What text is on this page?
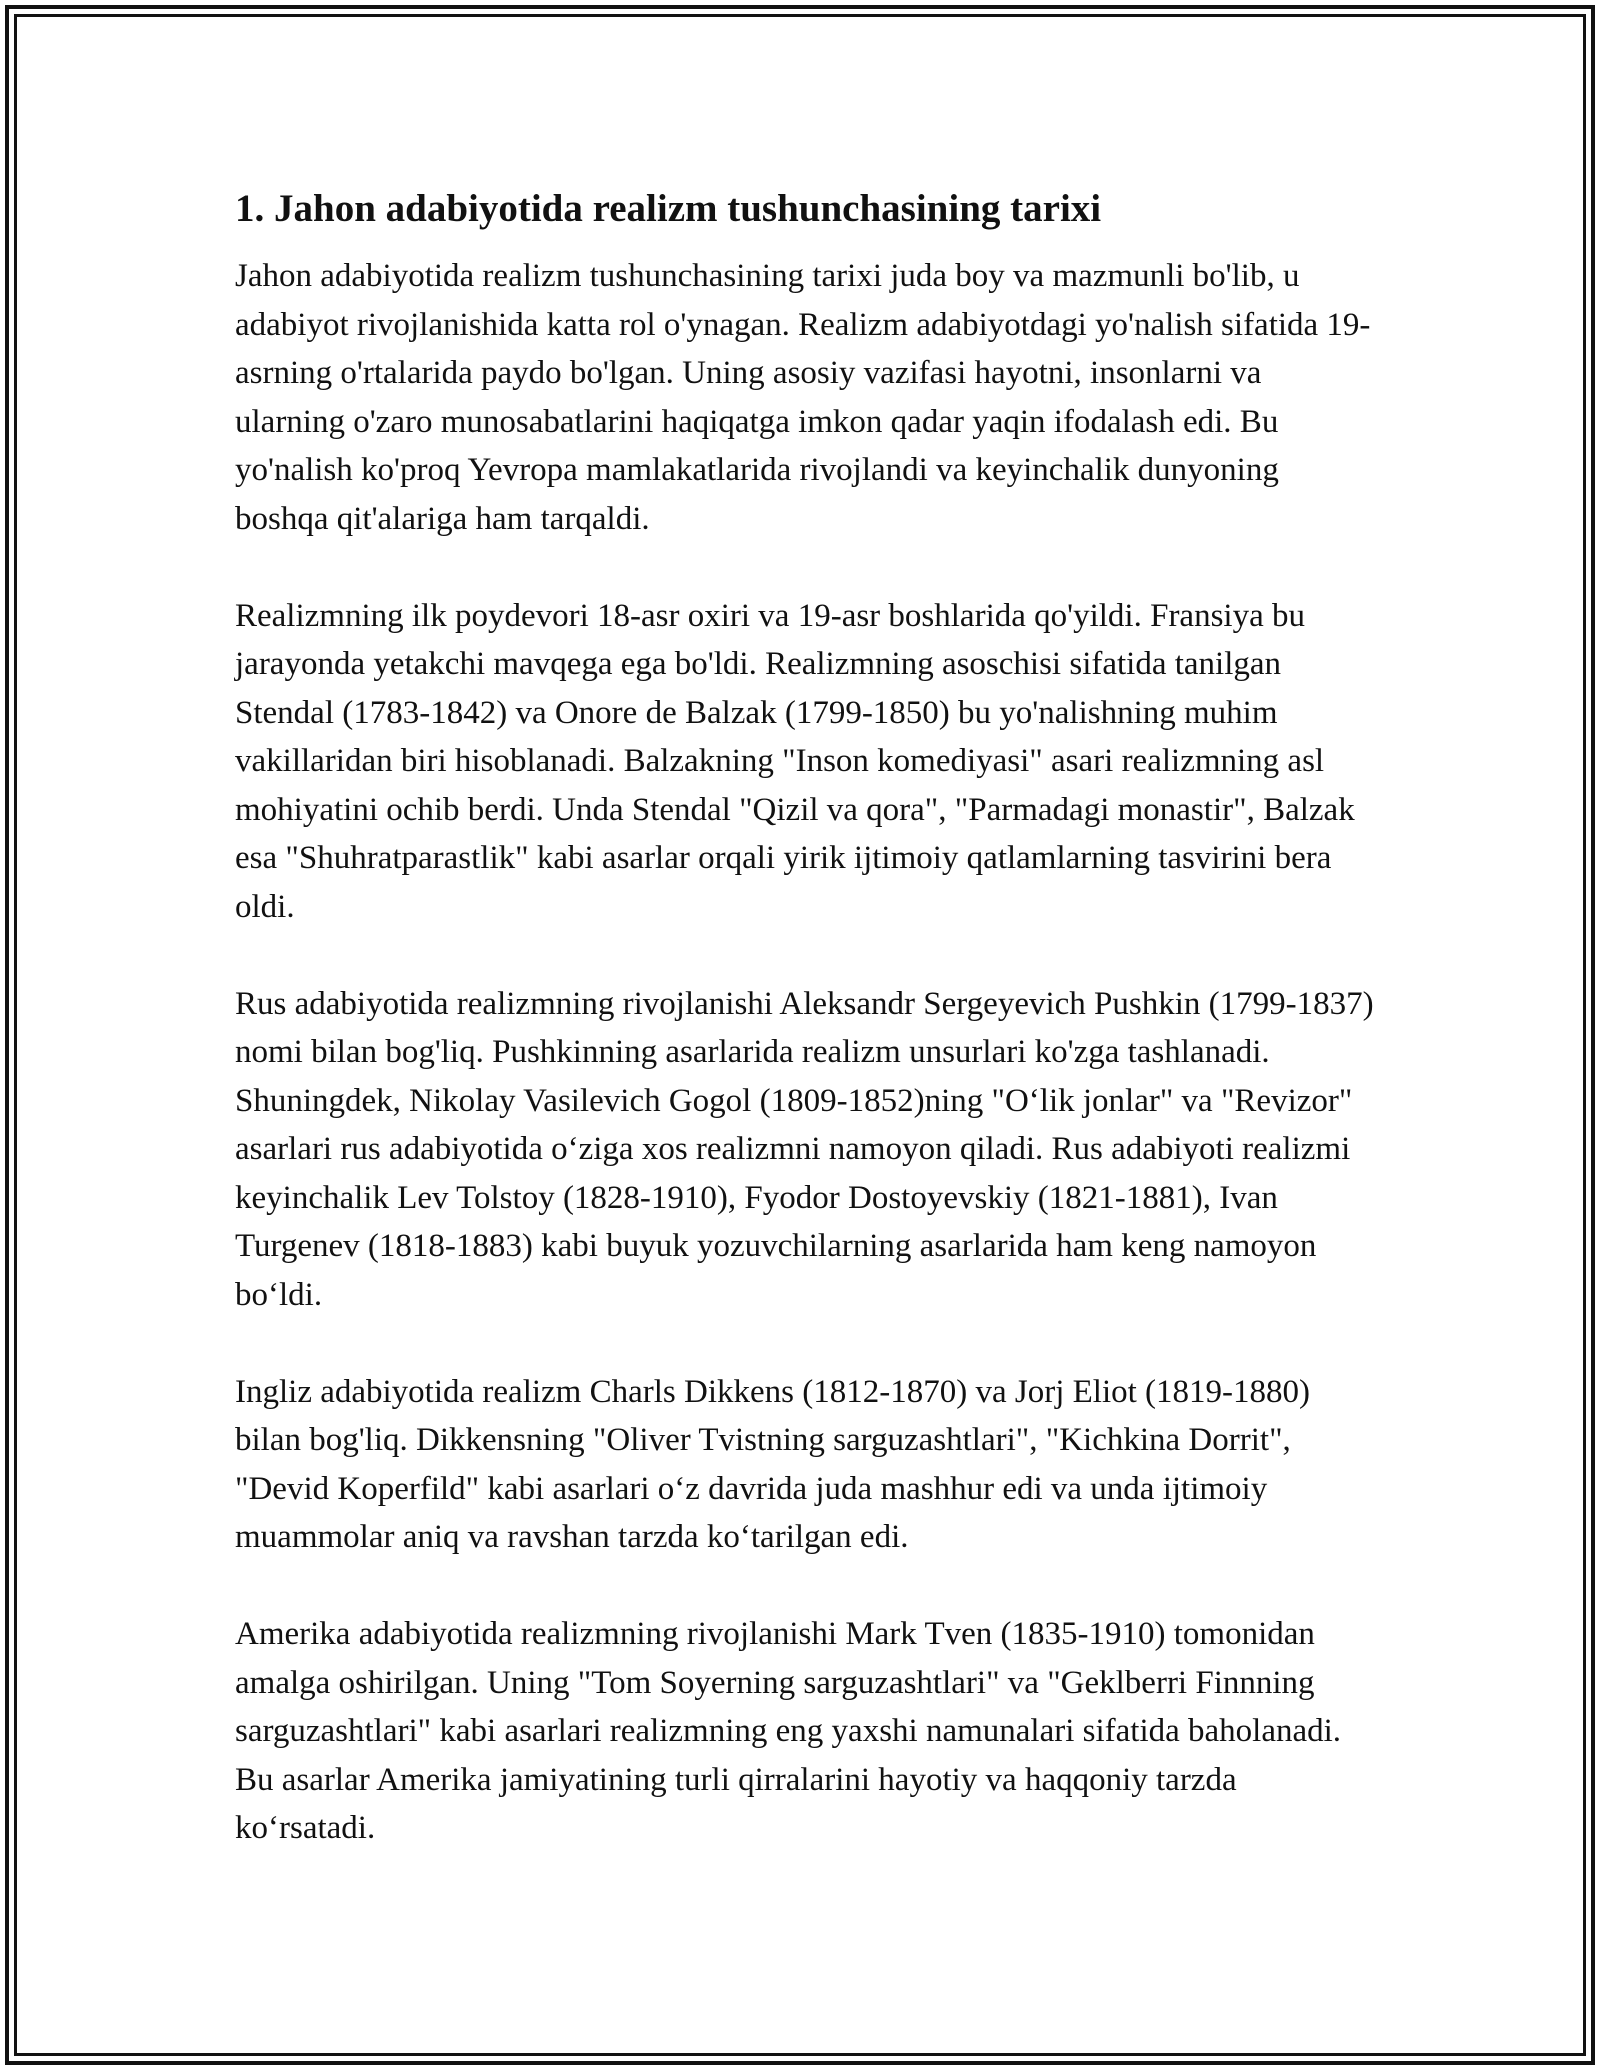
1. Jahon adabiyotida realizm tushunchasining tarixi

Jahon adabiyotida realizm tushunchasining tarixi juda boy va mazmunli bo'lib, u adabiyot rivojlanishida katta rol o'ynagan. Realizm adabiyotdagi yo'nalish sifatida 19-asrning o'rtalarida paydo bo'lgan. Uning asosiy vazifasi hayotni, insonlarni va ularning o'zaro munosabatlarini haqiqatga imkon qadar yaqin ifodalash edi. Bu yo'nalish ko'proq Yevropa mamlakatlarida rivojlandi va keyinchalik dunyoning boshqa qit'alariga ham tarqaldi.

Realizmning ilk poydevori 18-asr oxiri va 19-asr boshlarida qo'yildi. Fransiya bu jarayonda yetakchi mavqega ega bo'ldi. Realizmning asoschisi sifatida tanilgan Stendal (1783-1842) va Onore de Balzak (1799-1850) bu yo'nalishning muhim vakillaridan biri hisoblanadi. Balzakning "Inson komediyasi" asari realizmning asl mohiyatini ochib berdi. Unda Stendal "Qizil va qora", "Parmadagi monastir", Balzak esa "Shuhratparastlik" kabi asarlar orqali yirik ijtimoiy qatlamlarning tasvirini bera oldi.

Rus adabiyotida realizmning rivojlanishi Aleksandr Sergeyevich Pushkin (1799-1837) nomi bilan bog'liq. Pushkinning asarlarida realizm unsurlari ko'zga tashlanadi. Shuningdek, Nikolay Vasilevich Gogol (1809-1852)ning "O‘lik jonlar" va "Revizor" asarlari rus adabiyotida o‘ziga xos realizmni namoyon qiladi. Rus adabiyoti realizmi keyinchalik Lev Tolstoy (1828-1910), Fyodor Dostoyevskiy (1821-1881), Ivan Turgenev (1818-1883) kabi buyuk yozuvchilarning asarlarida ham keng namoyon bo‘ldi.

Ingliz adabiyotida realizm Charls Dikkens (1812-1870) va Jorj Eliot (1819-1880) bilan bog'liq. Dikkensning "Oliver Tvistning sarguzashtlari", "Kichkina Dorrit", "Devid Koperfild" kabi asarlari o‘z davrida juda mashhur edi va unda ijtimoiy muammolar aniq va ravshan tarzda ko‘tarilgan edi.

Amerika adabiyotida realizmning rivojlanishi Mark Tven (1835-1910) tomonidan amalga oshirilgan. Uning "Tom Soyerning sarguzashtlari" va "Geklberri Finnning sarguzashtlari" kabi asarlari realizmning eng yaxshi namunalari sifatida baholanadi. Bu asarlar Amerika jamiyatining turli qirralarini hayotiy va haqqoniy tarzda ko‘rsatadi.
